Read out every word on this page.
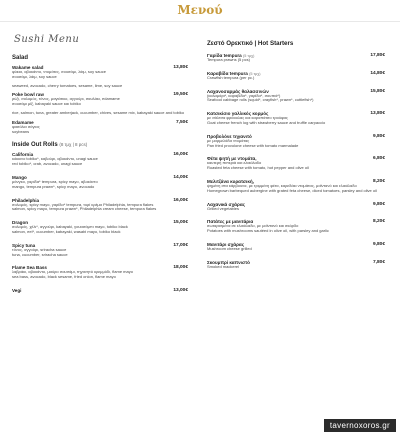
Μενού
Sushi Menu
Salad
Wakame salad
φύκια, αβοκάντο, ντομάτες, σουσάμι, λάιμ, soy sauce
σουσάμι, λάιμ, soy sauce
13,80€
seaweed, avocado, cherry tomatoes, sesame, lime, soy sauce
Poke bowl raw
ρύζι, σολομός, τόνος, μαγιάτικο, αγγούρι, σαυλάκι, edamame
σουσάμι μίξ, kabayaki sauce και tobiko
19,50€
rice, salmon, tuna, greater amberjack, cucumber, chives, sesame mix, kabayaki sauce and tobiko
Edamame
φασόλια σόγιας
soybeans
7,50€
Inside Out Rolls (8 τμχ | 8 pcs)
California
κόκκινο tobiko*, καβούρι, αβοκάντο, unagi sauce
red tobiko*, crab, avocado, unagi sauce
16,00€
Mango
μάνγκο, γαρίδα* tempura, spicy mayo, αβοκάντο
mango, tempura prawn*, spicy mayo, avocado
14,00€
Philadelphia
σολομός, spicy mayo, γαρίδα* tempura, τυρί κρέμα Philadelphia, tempura flakes
salmon, spicy mayo, tempura prawn*, Philadelphia cream cheese, tempura flakes
16,00€
Dragon
σολομός, χέλι*, αγγούρι, kabayaki, γουασάμπι mayo, tobiko black
salmon, eel*, cucumber, kabayaki, wasabi mayo, tobiko black
15,00€
Spicy tuna
τόνος, αγγούρι, sriracha sauce
tuna, cucumber, sriracha sauce
17,00€
Flame Sea Bass
λαβράκι, αβοκάντο, μαύρο σουσάμι, τηγανητό κρεμμύδι, flame mayo
sea bass, avocado, black sesame, fried onion, flame mayo
18,00€
Vegi	13,00€
Ζεστό Ορεκτικό | Hot Starters
Γαρίδα tempura (5 τμχ)
Tempura prawns (5 pcs)
17,80€
Καραβίδα tempura (5 τμχ)
Crawfish tempura (per pc.)
14,80€
Λαχανοσαρμάς θαλασσινών
(καλαμάρι*, καραβίδα*, γαρίδα*, σουπιά*)
Seafood cabbage rolls (squid*, crayfish*, prawn*, cuttlefish*)
15,80€
Κατσικίσιο γαλλικός κορμός
με σάλτσα φράουλας και καραπάτσο τρούφας
Goat cheese french log with strawberry sauce and truffle carpaccio
13,80€
Προβολόνε τηγανιτό
με μαρμελάδα ντομάτας
Pan fried provolone cheese with tomato marmalade
9,80€
Φέτα ψητή με ντομάτα,
καυτερή πιπεριά και ελαιόλαδο
Roasted feta cheese with tomato, hot pepper and olive oil
6,80€
Μελιτζάνα κυρατσική,
ψημένη στα κάρβουνα, με τριμμένη φέτα, καρεδάκι ντομάτας, μαϊντανό και ελαιόλαδο
Homegrown barbequed aubergine with grated feta cheese, diced tomatoes, parsley and olive oil
8,20€
Λαχανικά σχάρας
Grilled vegetables
9,80€
Πατάτες με μανιτάρια
σωταρισμένα σε ελαιόλαδο, με μαϊντανό και σκόρδο
Potatoes with mushrooms sautéed in olive oil, with parsley and garlic
8,20€
Μανιτάρι σχάρας
Mushroom cheese grilled
9,80€
Σκουμπρί καπνιστό
Smoked mackerel
7,80€
tavernoxoros.gr
